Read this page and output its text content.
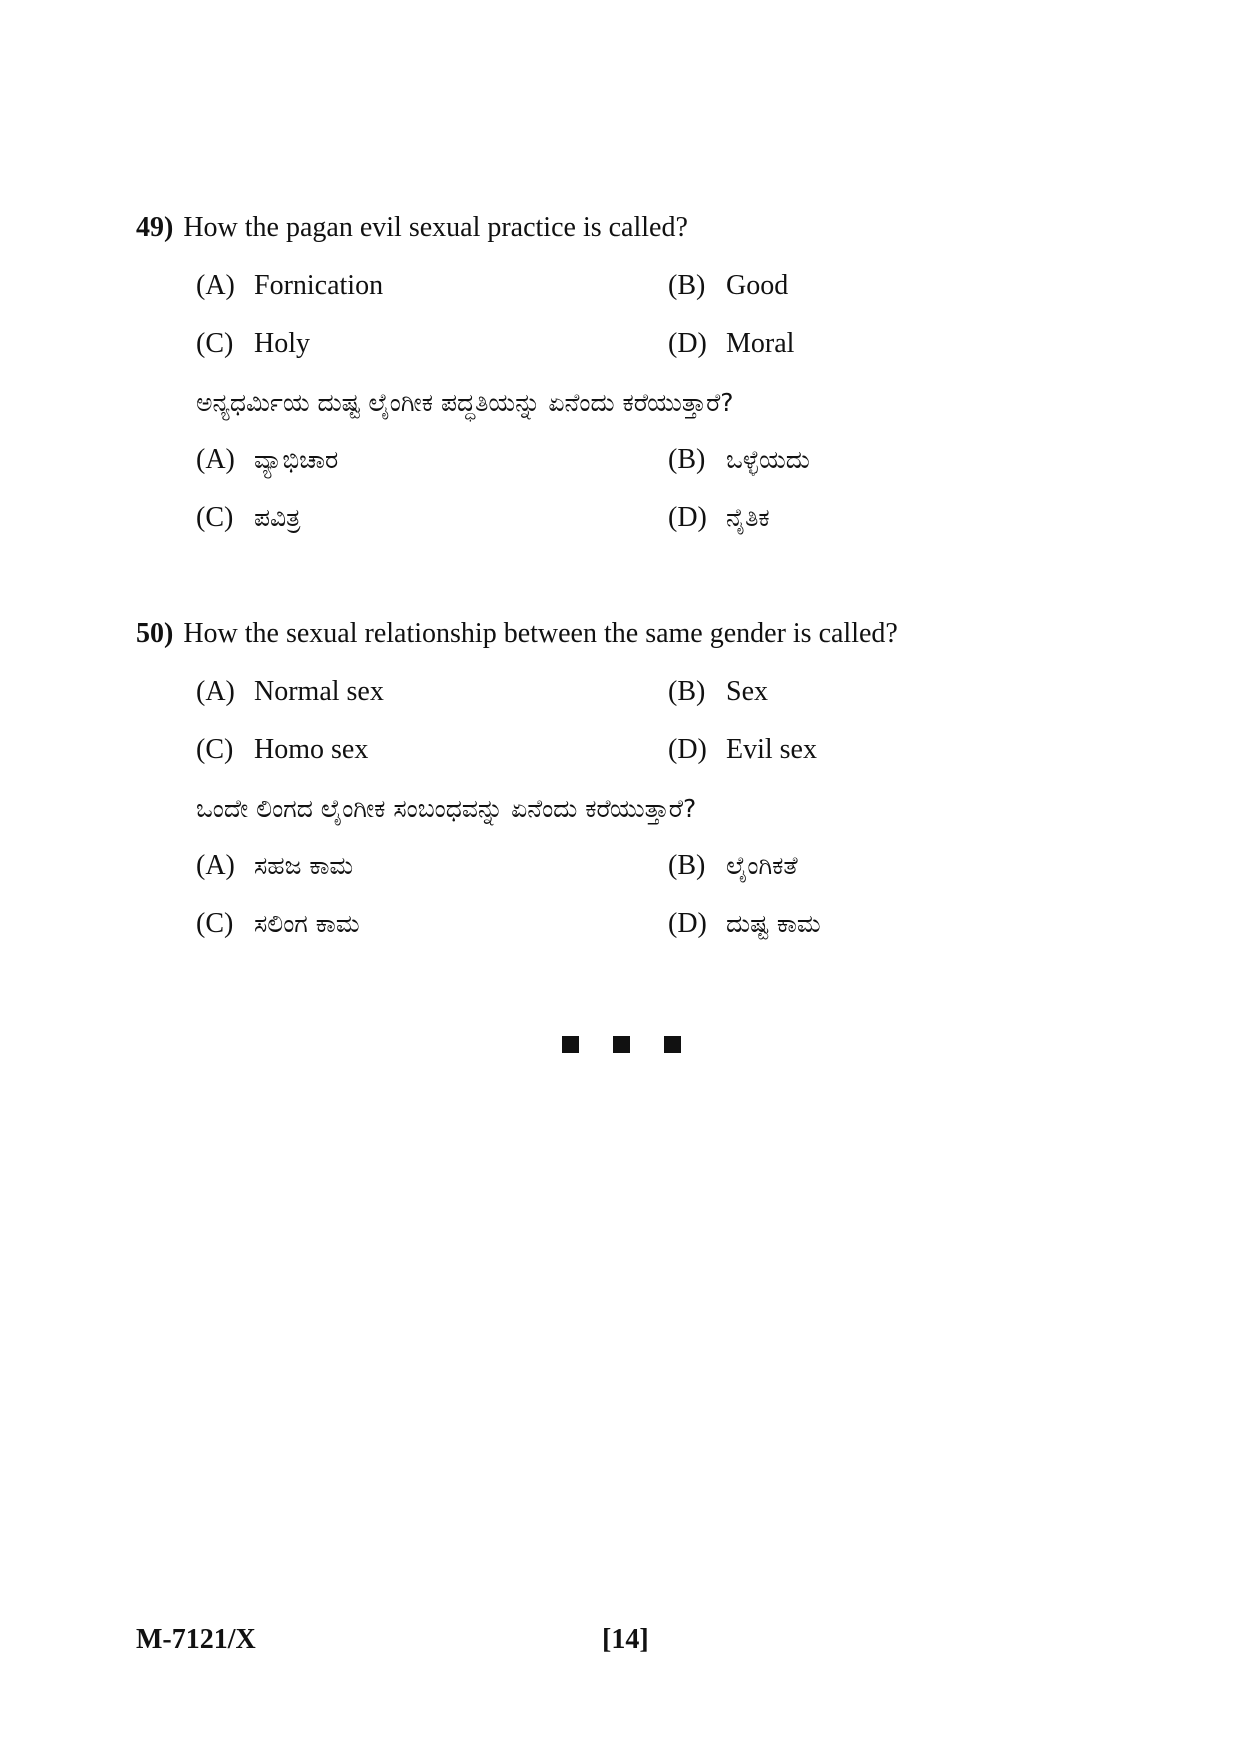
49) How the pagan evil sexual practice is called?
(A) Fornication	(B) Good
(C) Holy	(D) Moral
ಅನ್ಯಧರ್ಮಿಯ ದುಷ್ಟ ಲೈಂಗೀಕ ಪದ್ಧತಿಯನ್ನು ಏನೆಂದು ಕರೆಯುತ್ತಾರೆ?
(A) ವ್ಯಾಭಿಚಾರ	(B) ಒಳ್ಳೆಯದು
(C) ಪವಿತ್ರ	(D) ನೈತಿಕ
50) How the sexual relationship between the same gender is called?
(A) Normal sex	(B) Sex
(C) Homo sex	(D) Evil sex
ಒಂದೇ ಲಿಂಗದ ಲೈಂಗೀಕ ಸಂಬಂಧವನ್ನು ಏನೆಂದು ಕರೆಯುತ್ತಾರೆ?
(A) ಸಹಜ ಕಾಮ	(B) ಲೈಂಗಿಕತೆ
(C) ಸಲಿಂಗ ಕಾಮ	(D) ದುಷ್ಟ ಕಾಮ
M-7121/X	[14]
